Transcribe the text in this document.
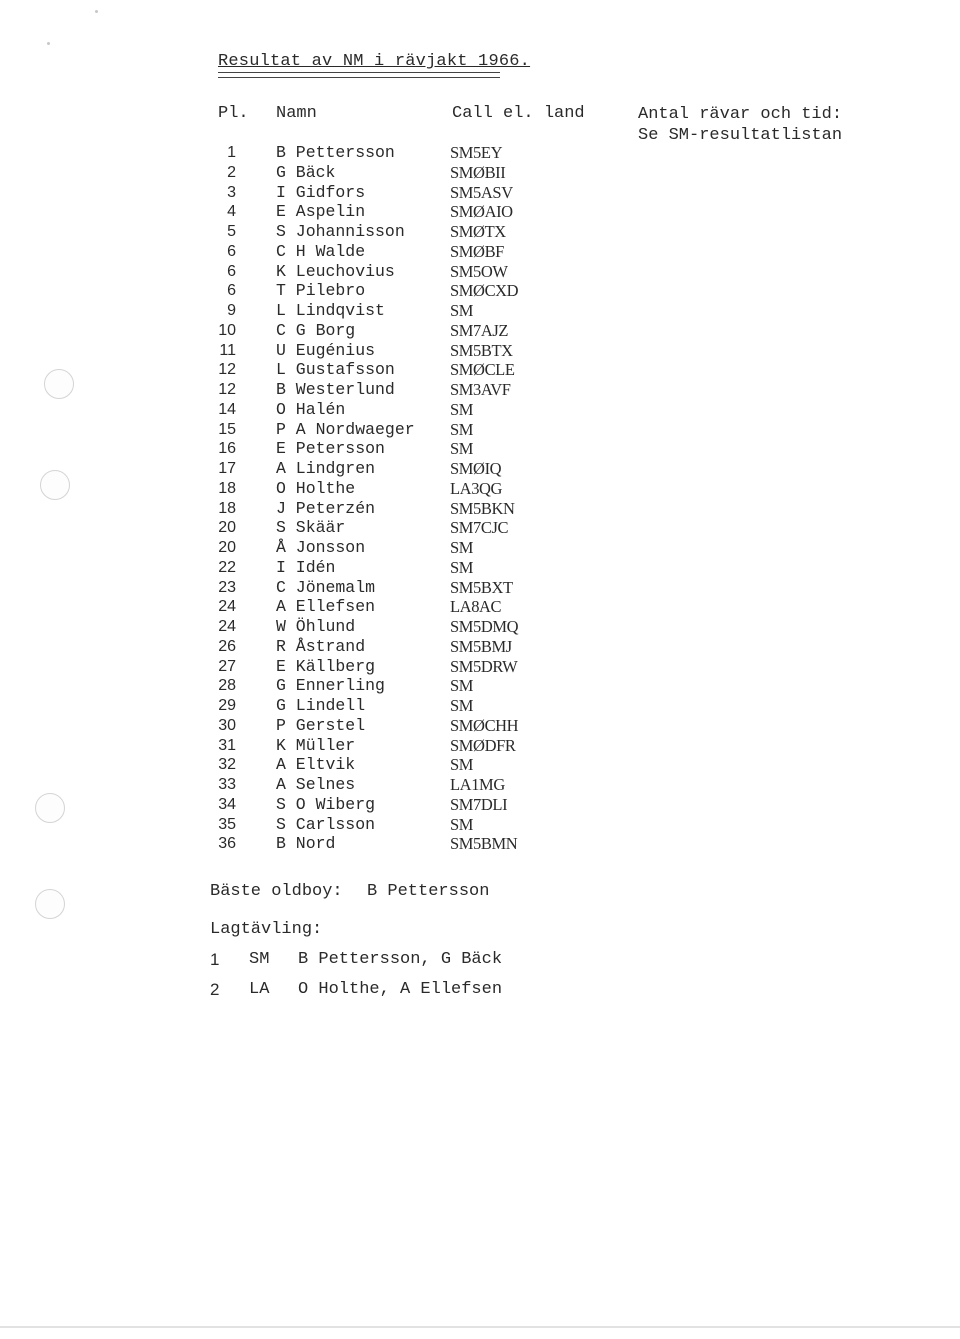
Resultat av NM i rävjakt 1966.
Pl. Namn	Call el. land	Antal rävar och tid:
Se SM-resultatlistan
1 B Pettersson	SM5EY
2 G Bäck	SMØBII
3 I Gidfors	SM5ASV
4 E Aspelin	SMØAIO
5 S Johannisson	SMØTX
6 C H Walde	SMØBF
6 K Leuchovius	SM5OW
6 T Pilebro	SMØCXD
9 L Lindqvist	SM
10 C G Borg	SM7AJZ
11 U Eugénius	SM5BTX
12 L Gustafsson	SMØCLE
12 B Westerlund	SM3AVF
14 O Halén	SM
15 P A Nordwaeger SM
16 E Petersson	SM
17 A Lindgren	SMØIQ
18 O Holthe	LA3QG
18 J Peterzén	SM5BKN
20 S Skäär	SM7CJC
20 Å Jonsson	SM
22 I Idén	SM
23 C Jönemalm	SM5BXT
24 A Ellefsen	LA8AC
24 W Öhlund	SM5DMQ
26 R Åstrand	SM5BMJ
27 E Källberg	SM5DRW
28 G Ennerling	SM
29 G Lindell	SM
30 P Gerstel	SMØCHH
31 K Müller	SMØDFR
32 A Eltvik	SM
33 A Selnes	LA1MG
34 S O Wiberg	SM7DLI
35 S Carlsson	SM
36 B Nord	SM5BMN
Bäste oldboy: B Pettersson
Lagtävling:
1 SM B Pettersson, G Bäck
2 LA O Holthe, A Ellefsen
